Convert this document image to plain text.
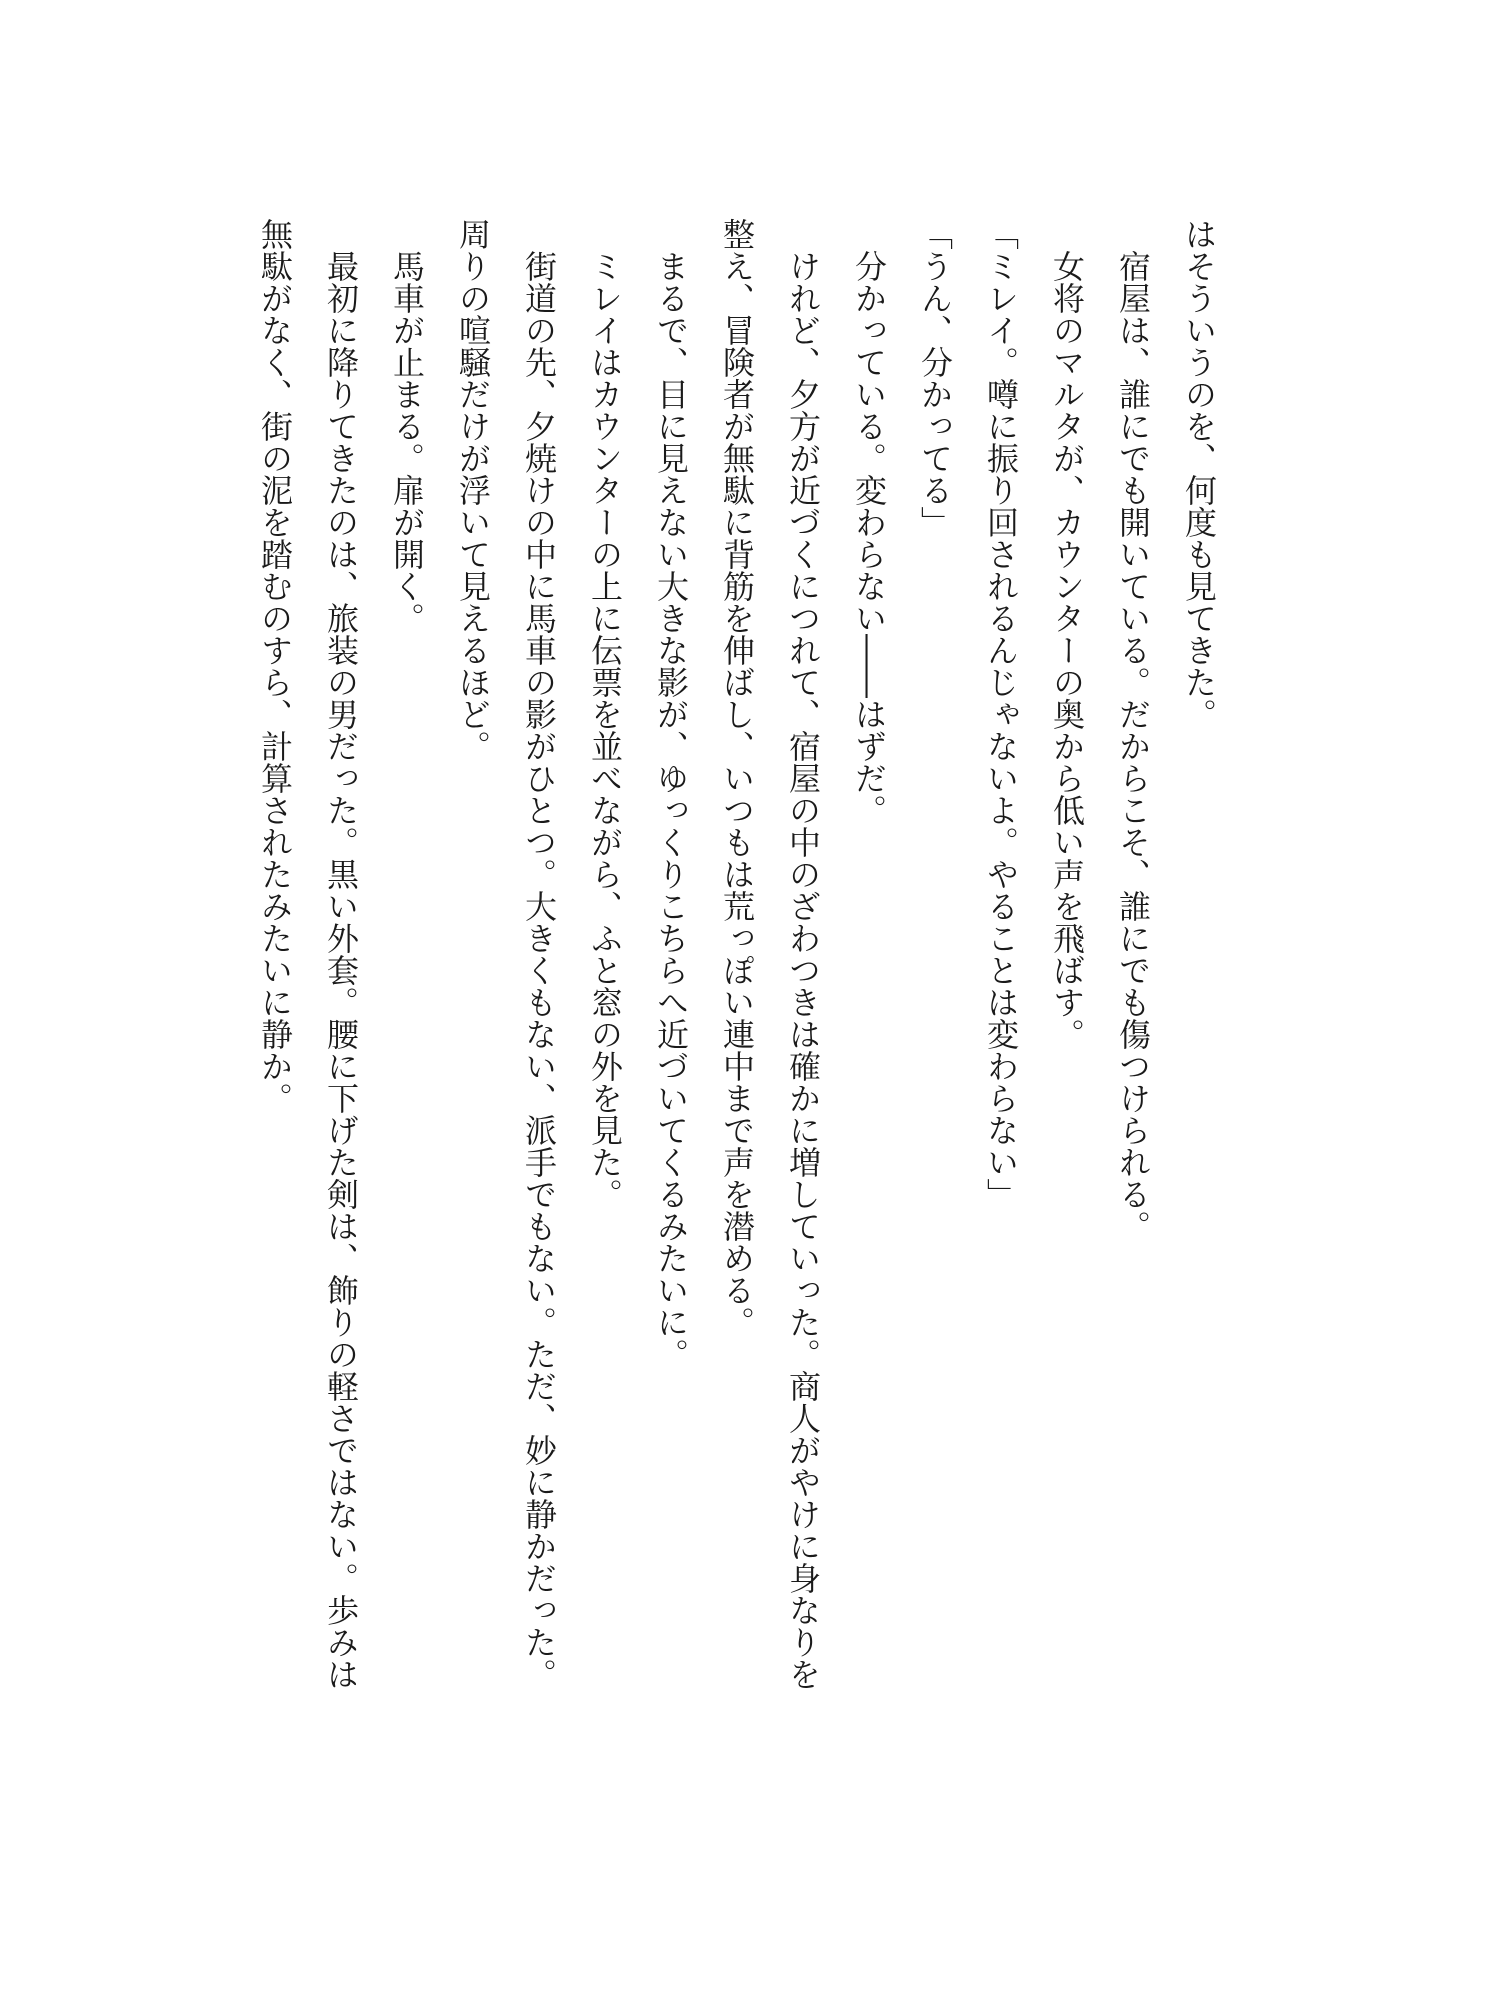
はそういうのを、何度も見てきた。

　宿屋は、誰にでも開いている。だからこそ、誰にでも傷つけられる。

　女将のマルタが、カウンターの奥から低い声を飛ばす。

「ミレイ。噂に振り回されるんじゃないよ。やることは変わらない」

「うん、分かってる」

　分かっている。変わらない――はずだ。

　けれど、夕方が近づくにつれて、宿屋の中のざわつきは確かに増していった。商人がやけに身なりを

整え、冒険者が無駄に背筋を伸ばし、いつもは荒っぽい連中まで声を潜める。

　まるで、目に見えない大きな影が、ゆっくりこちらへ近づいてくるみたいに。

　ミレイはカウンターの上に伝票を並べながら、ふと窓の外を見た。

　街道の先、夕焼けの中に馬車の影がひとつ。大きくもない、派手でもない。ただ、妙に静かだった。

周りの喧騒だけが浮いて見えるほど。

　馬車が止まる。扉が開く。

　最初に降りてきたのは、旅装の男だった。黒い外套。腰に下げた剣は、飾りの軽さではない。歩みは

無駄がなく、街の泥を踏むのすら、計算されたみたいに静か。
